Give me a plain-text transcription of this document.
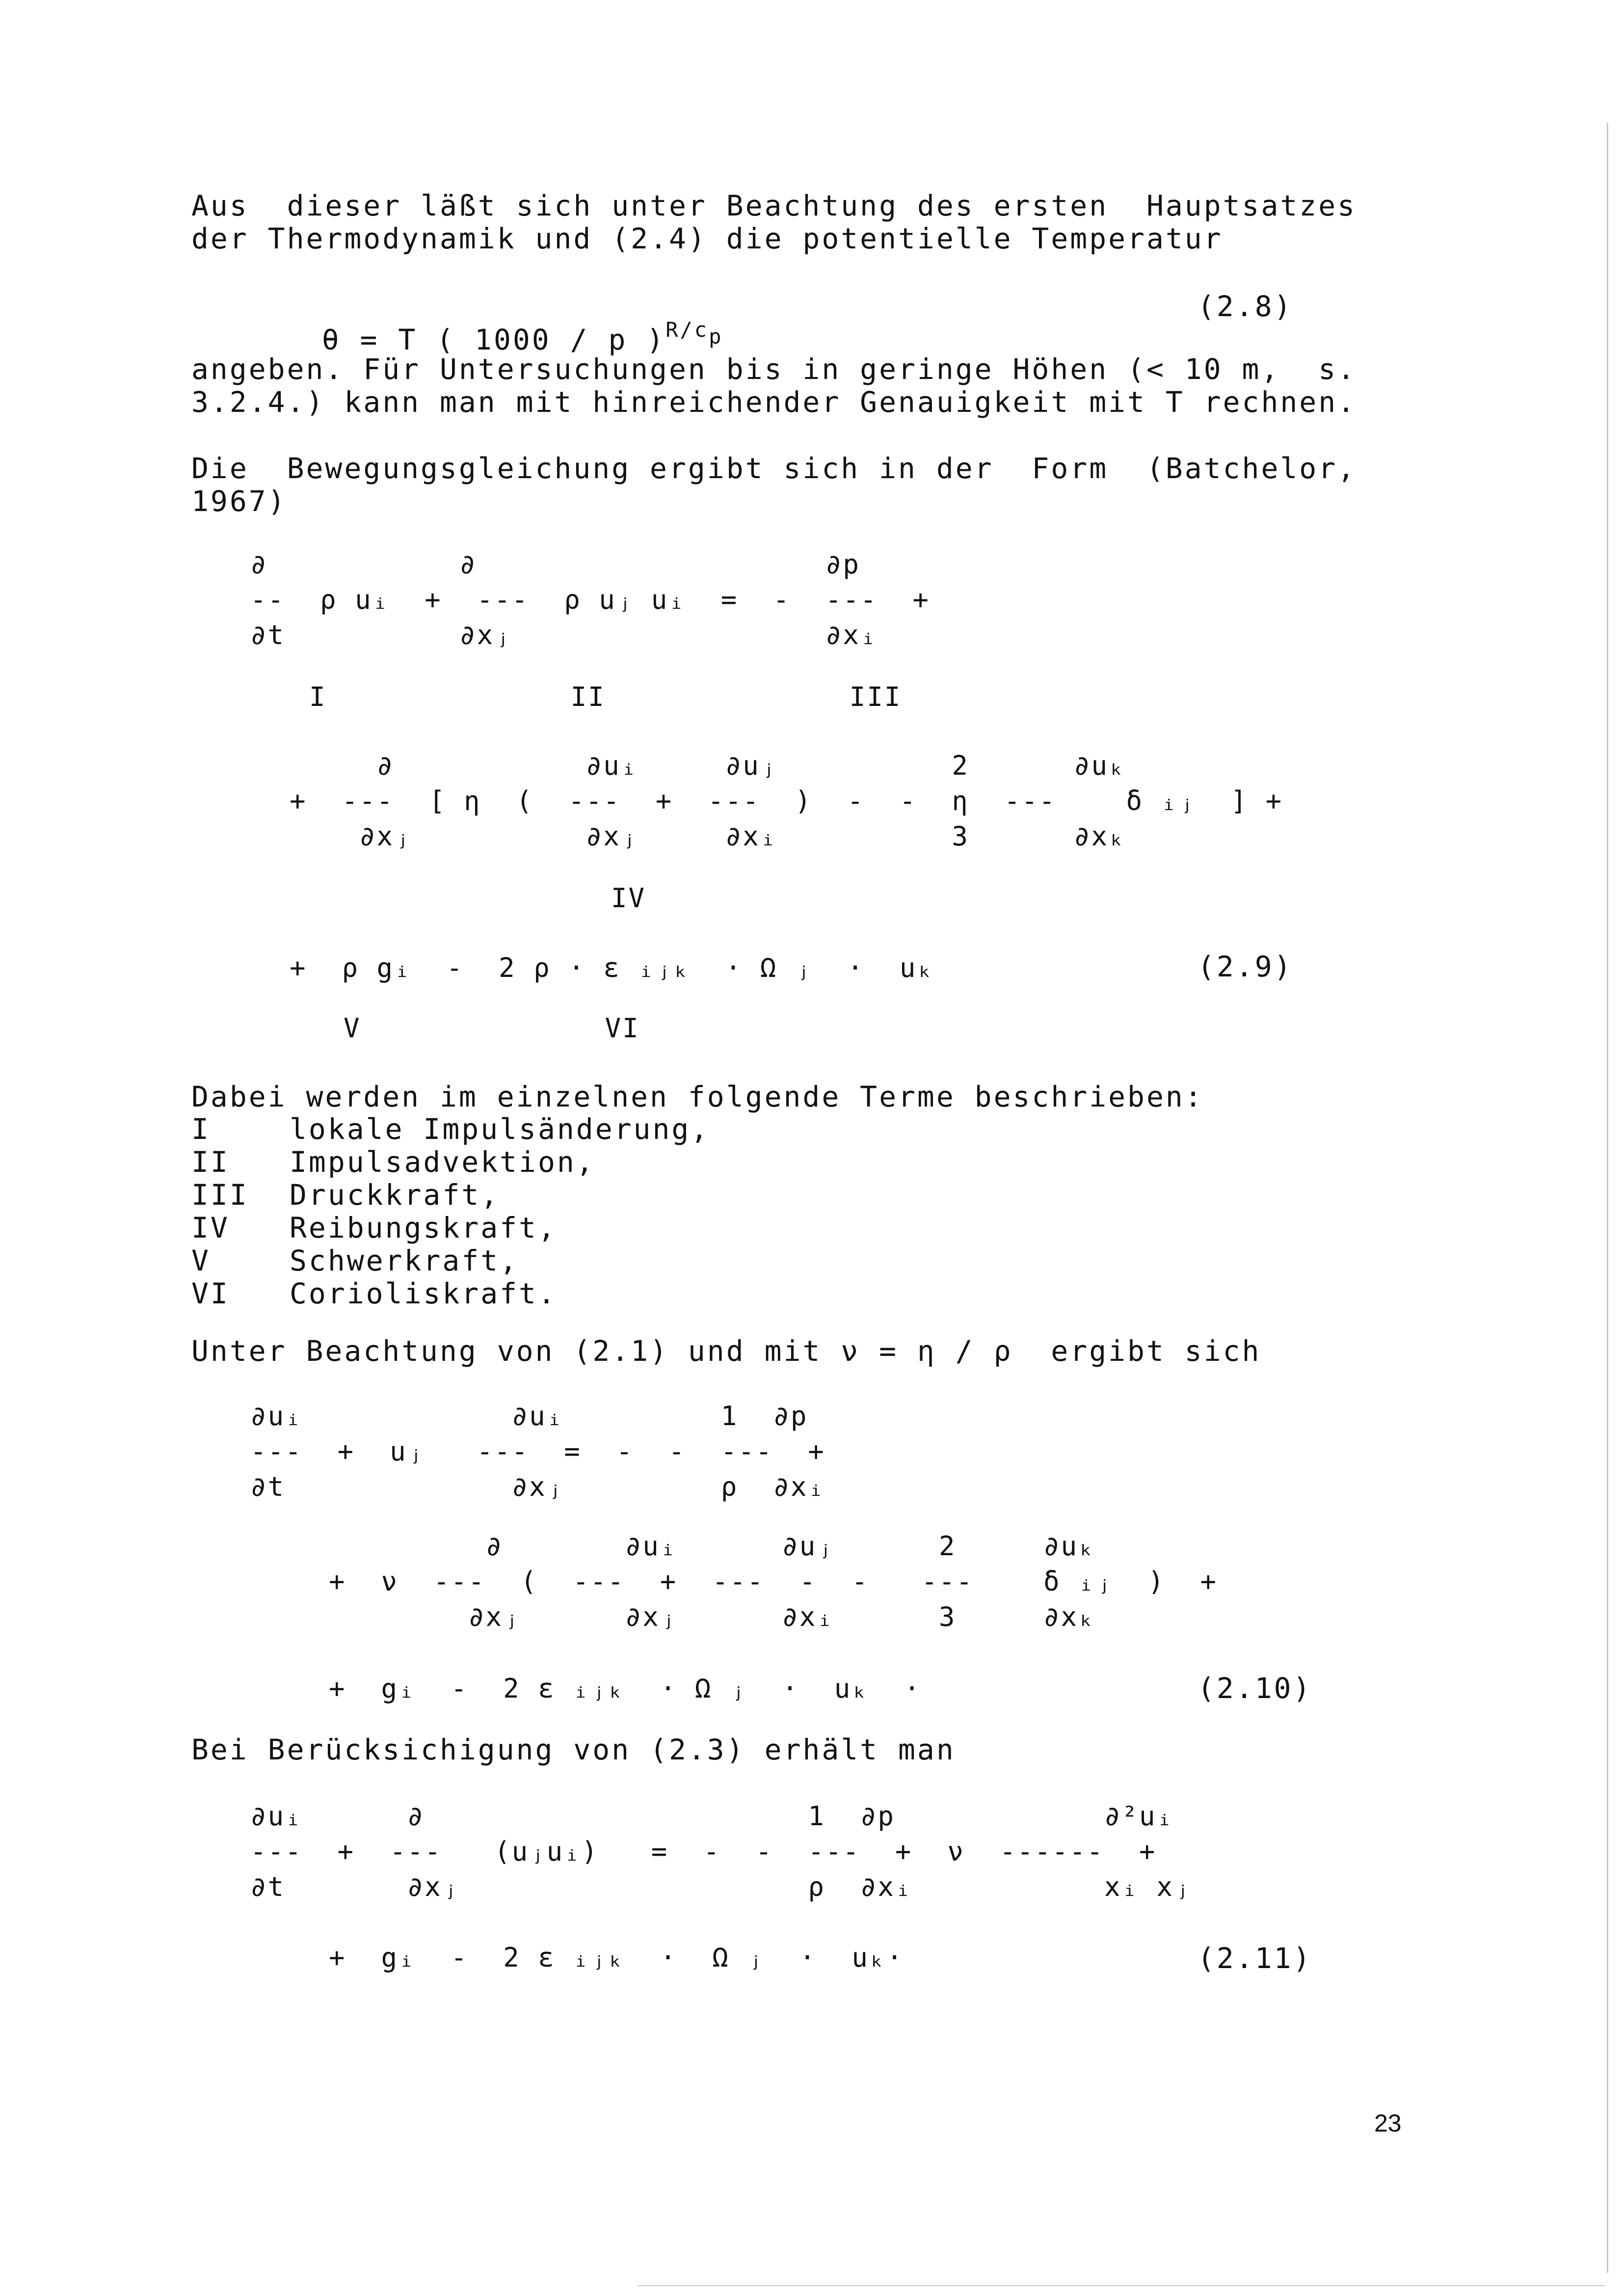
Aus  dieser läßt sich unter Beachtung des ersten  Hauptsatzes
der Thermodynamik und (2.4) die potentielle Temperatur

θ = T ( 1000 / p )$^{R/cp}$

(2.8)
angeben. Für Untersuchungen bis in geringe Höhen (< 10 m,  s.
3.2.4.) kann man mit hinreichender Genauigkeit mit T rechnen.
Die  Bewegungsgleichung ergibt sich in der  Form  (Batchelor,
1967)
∂           ∂                    ∂p
--  ρ uᵢ  +  ---  ρ uⱼ uᵢ  =  -  ---  +
∂t          ∂xⱼ                  ∂xᵢ
I              II              III
∂           ∂uᵢ     ∂uⱼ          2      ∂uₖ
+  ---  [ η  (  ---  +  ---  )  -  -  η  ---    δ ᵢⱼ  ] +
∂xⱼ          ∂xⱼ     ∂xᵢ          3      ∂xₖ
IV
+  ρ gᵢ  -  2 ρ · ε ᵢⱼₖ  · Ω ⱼ  ·  uₖ
V              VI
(2.9)
Dabei werden im einzelnen folgende Terme beschrieben:
I	lokale Impulsänderung,
II Impulsadvektion,
III Druckkraft,
IV Reibungskraft,
V	Schwerkraft,
VI Corioliskraft.
Unter Beachtung von (2.1) und mit ν = η / ρ  ergibt sich
∂uᵢ            ∂uᵢ         1  ∂p
---  +  uⱼ   ---  =  -  -  ---  +
∂t             ∂xⱼ         ρ  ∂xᵢ
∂       ∂uᵢ      ∂uⱼ      2     ∂uₖ
+  ν  ---  (  ---  +  ---  -  -   ---    δ ᵢⱼ  )  +
∂xⱼ      ∂xⱼ      ∂xᵢ      3     ∂xₖ
+  gᵢ  -  2 ε ᵢⱼₖ  · Ω ⱼ  ·  uₖ  ·	(2.10)
Bei Berücksichigung von (2.3) erhält man
∂uᵢ      ∂                      1  ∂p            ∂²uᵢ
---  +  ---   (uⱼuᵢ)   =  -  -  ---  +  ν  ------  +
∂t       ∂xⱼ                    ρ  ∂xᵢ           xᵢ xⱼ
+  gᵢ  -  2 ε ᵢⱼₖ  ·  Ω ⱼ  ·  uₖ·	(2.11)
23
